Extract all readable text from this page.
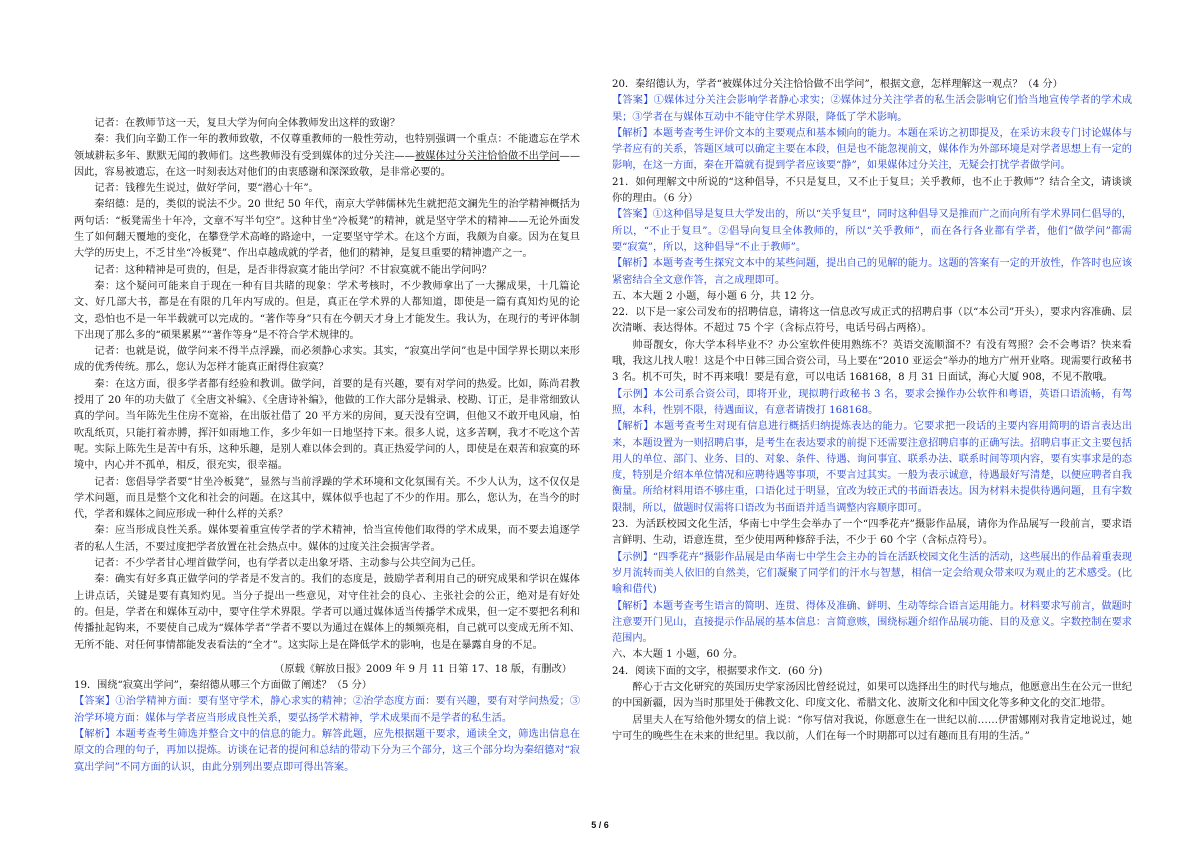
记者：在教师节这一天，复旦大学为何向全体教师发出这样的致谢？

秦：我们向辛勤工作一年的教师致敬，不仅尊重教师的一般性劳动，也特别强调一个重点：不能遗忘在学术领域耕耘多年、默默无闻的教师们。这些教师没有受到媒体的过分关注——被媒体过分关注恰恰做不出学问——因此，容易被遗忘，在这一时刻表达对他们的由衷感谢和深深致敬，是非常必要的。

记者：钱穆先生说过，做好学问，要“潜心十年”。

秦绍德：是的，类似的说法不少。20 世纪 50 年代，南京大学韩儒林先生就把范文澜先生的治学精神概括为两句话：“板凳需坐十年冷，文章不写半句空”。这种甘坐“冷板凳”的精神，就是坚守学术的精神——无论外面发生了如何翻天覆地的变化，在攀登学术高峰的路途中，一定要坚守学术。在这个方面，我颇为自豪。因为在复旦大学的历史上，不乏甘坐“冷板凳”、作出卓越成就的学者，他们的精神，是复旦重要的精神遗产之一。

记者：这种精神是可贵的，但是，是否非得寂寞才能出学问？不甘寂寞就不能出学问吗？

秦：这个疑问可能来自于现在一种有目共睹的现象：学术考核时，不少教师拿出了一大摞成果，十几篇论文、好几部大书，都是在有限的几年内写成的。但是，真正在学术界的人都知道，即使是一篇有真知灼见的论文，恐怕也不是一年半载就可以完成的。“著作等身”只有在今朝天才身上才能发生。我认为，在现行的考评体制下出现了那么多的“硕果累累”“著作等身”是不符合学术规律的。

记者：也就是说，做学问来不得半点浮躁，而必须静心求实。其实，“寂寞出学问”也是中国学界长期以来形成的优秀传统。那么，您认为怎样才能真正耐得住寂寞？

秦：在这方面，很多学者都有经验和教训。做学问，首要的是有兴趣，要有对学问的热爱。比如，陈尚君教授用了 20 年的功夫做了《全唐文补编》、《全唐诗补编》，他做的工作大部分是辑录、校勘、订正，是非常细致认真的学问。当年陈先生住房不宽裕，在出版社借了 20 平方米的房间，夏天没有空调，但他又不敢开电风扇，怕吹乱纸页，只能打着赤膊，挥汗如雨地工作，多少年如一日地坚持下来。很多人说，这多苦啊，我才不吃这个苦呢。实际上陈先生是苦中有乐，这种乐趣，是别人难以体会到的。真正热爱学问的人，即使是在艰苦和寂寞的环境中，内心并不孤单，相反，很充实，很幸福。

记者：您倡导学者要“甘坐冷板凳”，显然与当前浮躁的学术环境和文化氛围有关。不少人认为，这不仅仅是学术问题，而且是整个文化和社会的问题。在这其中，媒体似乎也起了不少的作用。那么，您认为，在当今的时代，学者和媒体之间应形成一种什么样的关系？

秦：应当形成良性关系。媒体要着重宣传学者的学术精神，恰当宣传他们取得的学术成果，而不要去追逐学者的私人生活，不要过度把学者放置在社会热点中。媒体的过度关注会损害学者。

记者：不少学者甘心埋首做学问，也有学者以走出象牙塔、主动参与公共空间为己任。

秦：确实有好多真正做学问的学者是不发言的。我们的态度是，鼓励学者利用自己的研究成果和学识在媒体上讲点话，关键是要有真知灼见。当分子提出一些意见，对守住社会的良心、主张社会的公正，绝对是有好处的。但是，学者在和媒体互动中，要守住学术界限。学者可以通过媒体适当传播学术成果，但一定不要把名利和传播扯起钩来，不要使自己成为“媒体学者”学者不要以为通过在媒体上的频频亮相，自己就可以变成无所不知、无所不能、对任何事情都能发表看法的“全才”。这实际上是在降低学术的影响，也是在暴露自身的不足。

（原载《解放日报》2009 年 9 月 11 日第 17、18 版，有删改）

19．围绕“寂寞出学问”，秦绍德从哪三个方面做了阐述？（5 分）

【答案】①治学精神方面：要有坚守学术，静心求实的精神；②治学态度方面：要有兴趣，要有对学问热爱；③治学环境方面：媒体与学者应当形成良性关系，要弘扬学术精神，学术成果而不是学者的私生活。

【解析】本题考查考生筛选并整合文中的信息的能力。解答此题，应先根据题干要求，通读全文，筛选出信息在原文的合理的句子，再加以提炼。访谈在记者的提问和总结的带动下分为三个部分，这三个部分均为秦绍德对“寂寞出学问”不同方面的认识，由此分别列出要点即可得出答案。

20．秦绍德认为，学者“被媒体过分关注恰恰做不出学问”，根据文意，怎样理解这一观点？（4 分）

【答案】①媒体过分关注会影响学者静心求实；②媒体过分关注学者的私生活会影响它们恰当地宣传学者的学术成果；③学者在与媒体互动中不能守住学术界限，降低了学术影响。

【解析】本题考查考生评价文本的主要观点和基本倾向的能力。本题在采访之初即提及，在采访末段专门讨论媒体与学者应有的关系，答题区域可以确定主要在本段，但是也不能忽视前文，媒体作为外部环境是对学者思想上有一定的影响，在这一方面，秦在开篇就有提到学者应该要“静”，如果媒体过分关注，无疑会打扰学者做学问。

21．如何理解文中所说的“这种倡导，不只是复旦，又不止于复旦；关乎教师，也不止于教师”？结合全文，请谈谈你的理由。（6 分）

【答案】①这种倡导是复旦大学发出的，所以“关乎复旦”，同时这种倡导又是推而广之而向所有学术界同仁倡导的，所以，“不止于复旦”。②倡导向复旦全体教师的，所以“关乎教师”，而在各行各业都有学者，他们“做学问”都需要“寂寞”，所以，这种倡导“不止于教师”。

【解析】本题考查考生探究文本中的某些问题，提出自己的见解的能力。这题的答案有一定的开放性，作答时也应该紧密结合全文意作答，言之成理即可。

五、本大题 2 小题，每小题 6 分，共 12 分。

22．以下是一家公司发布的招聘信息，请将这一信息改写成正式的招聘启事（以“本公司”开头），要求内容准确、层次清晰、表达得体。不超过 75 个字（含标点符号，电话号码占两格）。

帅哥靓女，你大学本科毕业不？办公室软件使用熟练不？英语交流顺溜不？有没有驾照？会不会粤语？快来看哦，我这儿找人啦！这是个中日韩三国合资公司，马上要在“2010 亚运会”举办的地方广州开业咯。现需要行政秘书 3 名。机不可失，时不再来哦！要是有意，可以电话 168168，8 月 31 日面试，海心大厦 908，不见不散哦。

【示例】本公司系合资公司，即将开业，现拟聘行政秘书 3 名，要求会操作办公软件和粤语，英语口语流畅，有驾照，本科，性别不限，待遇面议，有意者请拨打 168168。

【解析】本题考查考生对现有信息进行概括归纳提炼表达的能力。它要求把一段话的主要内容用简明的语言表达出来，本题设置为一则招聘启事，是考生在表达要求的前提下还需要注意招聘启事的正确写法。招聘启事正文主要包括用人的单位、部门、业务、目的、对象、条件、待遇、询问事宜、联系办法、联系时间等项内容，要有实事求是的态度，特别是介绍本单位情况和应聘待遇等事项，不要言过其实。一般为表示诚意，待遇最好写清楚，以便应聘者自我衡量。所给材料用语不够庄重，口语化过于明显，宜改为较正式的书面语表达。因为材料未提供待遇问题，且有字数限制，所以，做题时仅需将口语改为书面语并适当调整内容顺序即可。

23．为活跃校园文化生活，华南七中学生会举办了一个“四季花卉”摄影作品展，请你为作品展写一段前言，要求语言鲜明、生动，语意连贯，至少使用两种修辞手法，不少于 60 个字（含标点符号）。

【示例】“四季花卉”摄影作品展是由华南七中学生会主办的旨在活跃校园文化生活的活动，这些展出的作品着重表现岁月流转而美人依旧的自然美，它们凝聚了同学们的汗水与智慧，相信一定会给观众带来叹为观止的艺术感受。(比喻和借代)

【解析】本题考查考生语言的简明、连贯、得体及准确、鲜明、生动等综合语言运用能力。材料要求写前言，做题时注意要开门见山，直接提示作品展的基本信息：言简意赅，围绕标题介绍作品展功能、目的及意义。字数控制在要求范围内。

六、本大题 1 小题，60 分。

24．阅读下面的文字，根据要求作文．(60 分)

醉心于古文化研究的英国历史学家汤因比曾经说过，如果可以选择出生的时代与地点，他愿意出生在公元一世纪的中国新疆，因为当时那里处于佛教文化、印度文化、希腊文化、波斯文化和中国文化等多种文化的交汇地带。

居里夫人在写给他外甥女的信上说：“你写信对我说，你愿意生在一世纪以前……伊雷娜刚对我肯定地说过，她宁可生的晚些生在未来的世纪里。我以前，人们在每一个时期都可以过有趣而且有用的生活。”

5 / 6
